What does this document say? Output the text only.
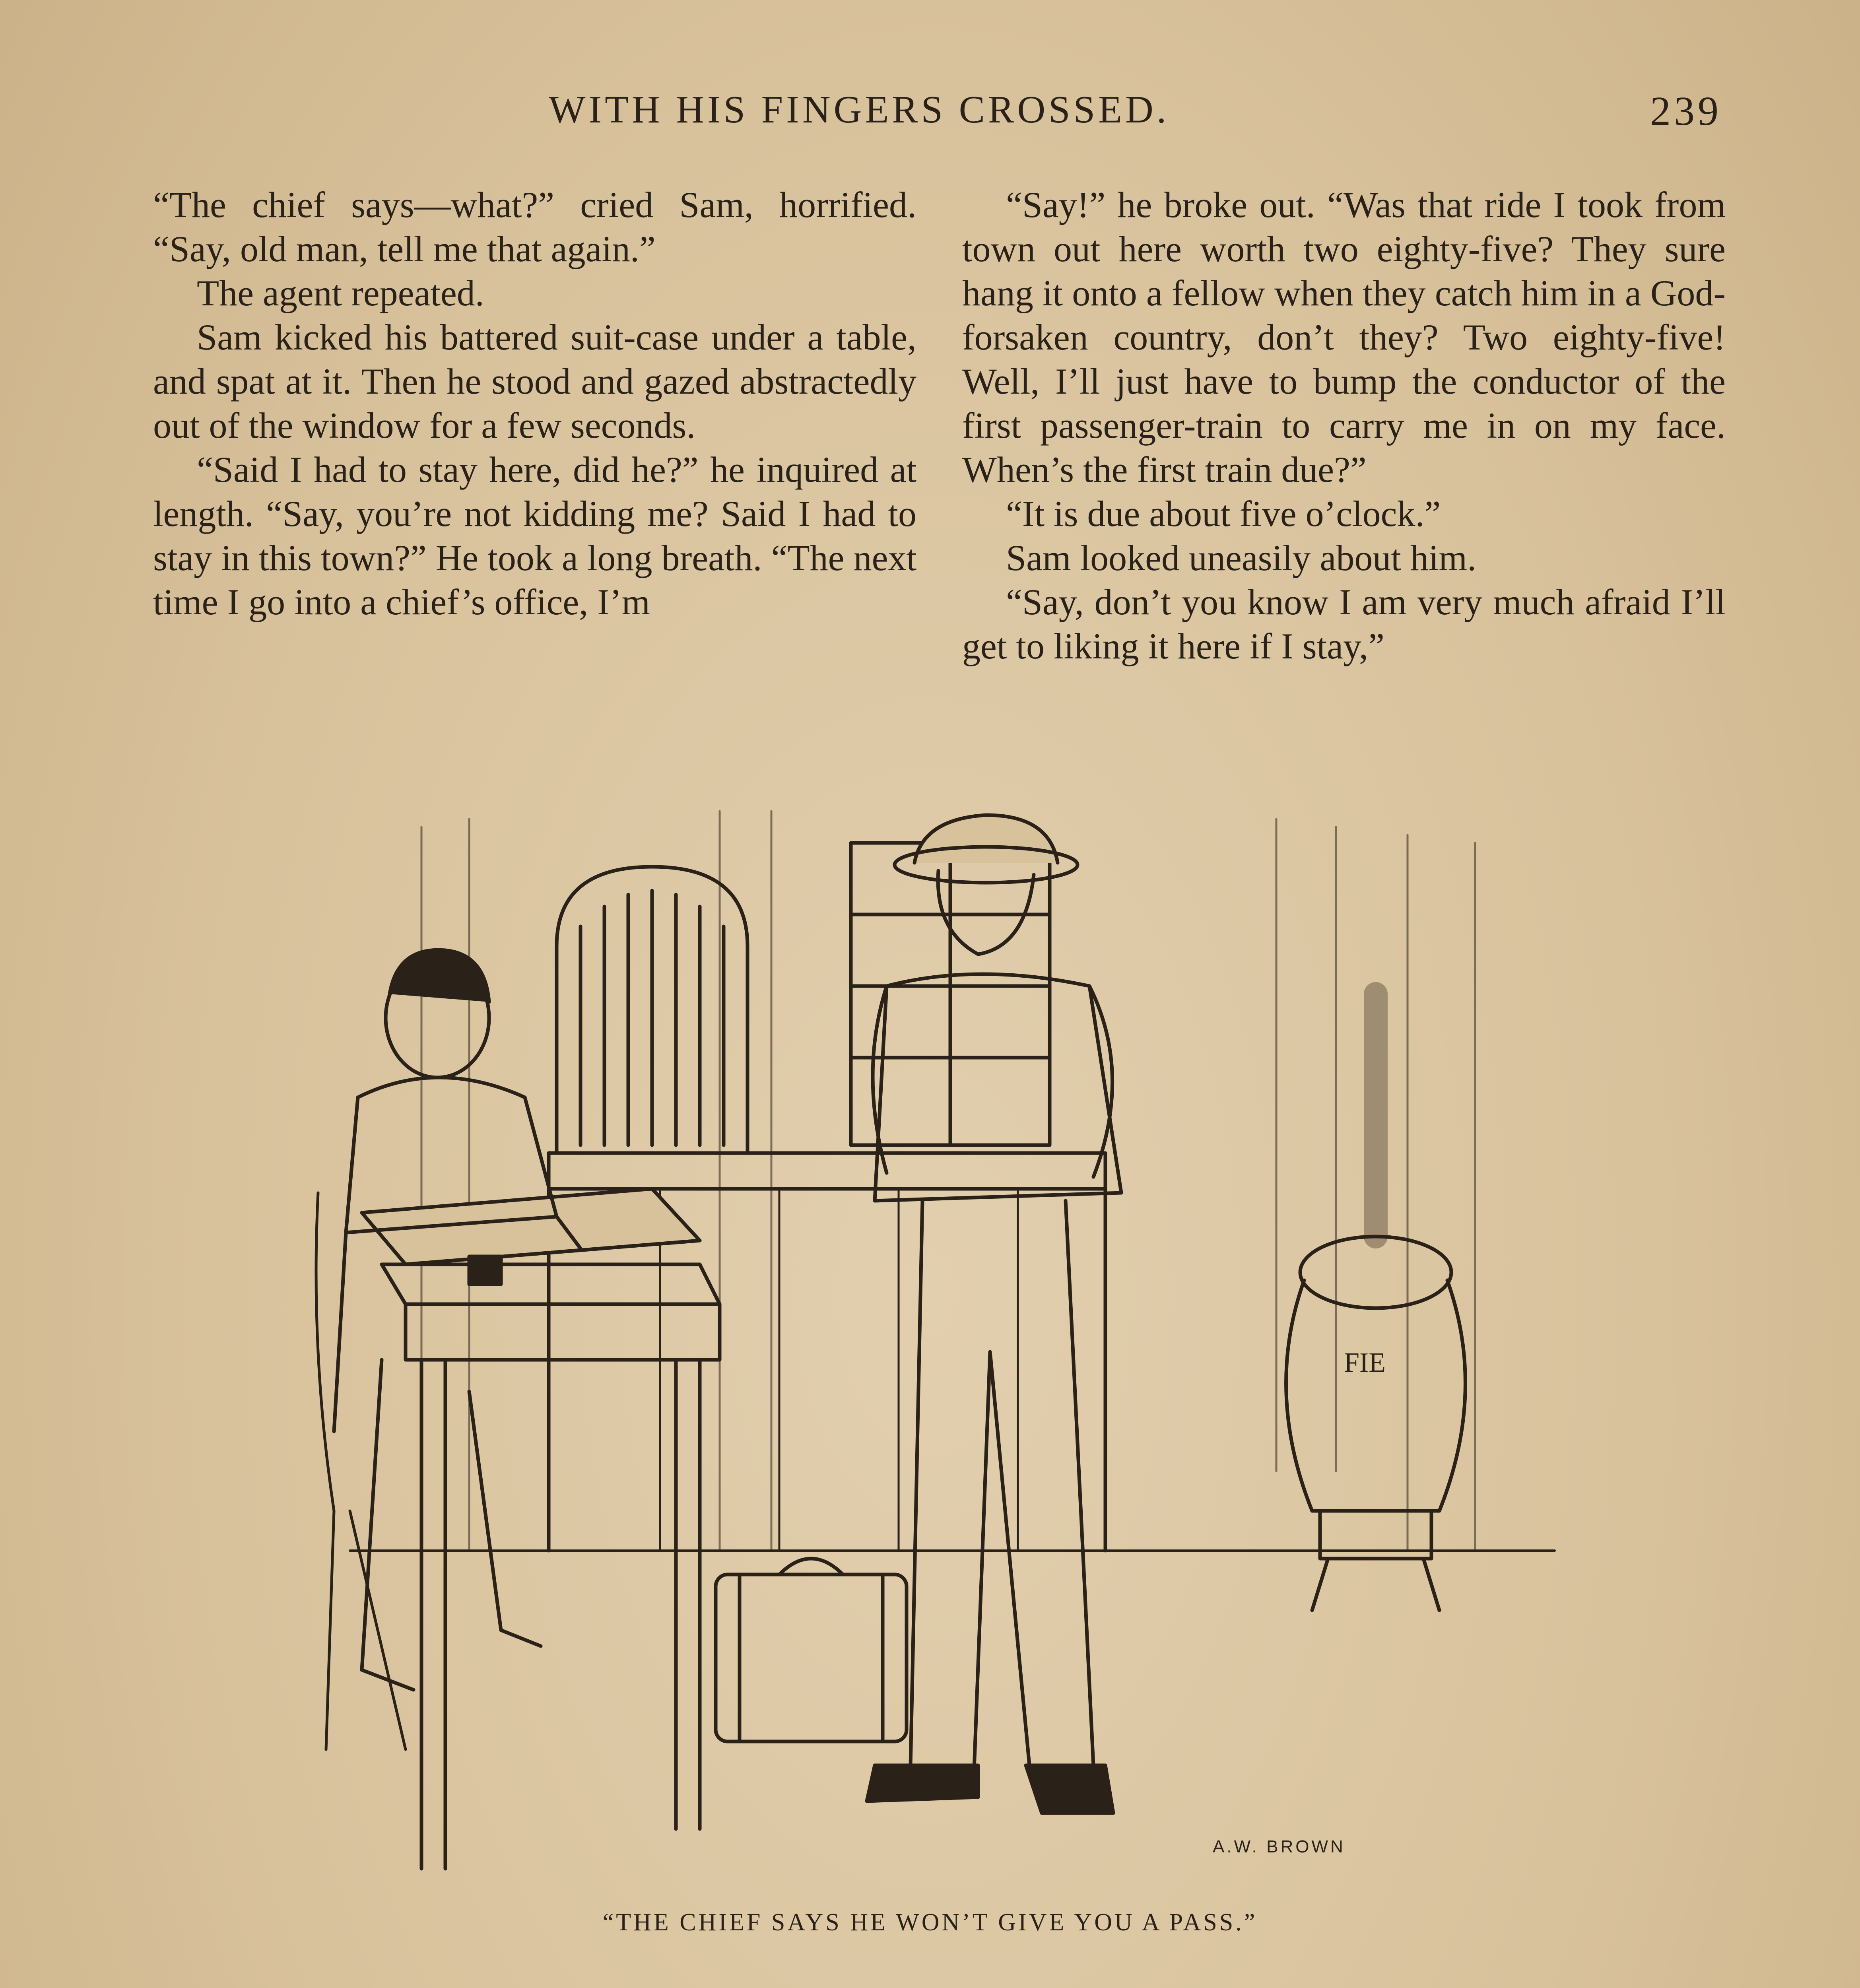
WITH HIS FINGERS CROSSED.	239

“The chief says—what?” cried Sam, horrified. “Say, old man, tell me that again.”

The agent repeated.

Sam kicked his battered suit-case under a table, and spat at it. Then he stood and gazed abstractedly out of the window for a few seconds.

“Said I had to stay here, did he?” he inquired at length. “Say, you’re not kidding me? Said I had to stay in this town?” He took a long breath. “The next time I go into a chief’s office, I’m

“Say!” he broke out. “Was that ride I took from town out here worth two eighty-five? They sure hang it onto a fellow when they catch him in a God-forsaken country, don’t they? Two eighty-five! Well, I’ll just have to bump the conductor of the first passenger-train to carry me in on my face. When’s the first train due?”

“It is due about five o’clock.”

Sam looked uneasily about him.

“Say, don’t you know I am very much afraid I’ll get to liking it here if I stay,”

FIE
A.W. BROWN
“THE CHIEF SAYS HE WON’T GIVE YOU A PASS.”
